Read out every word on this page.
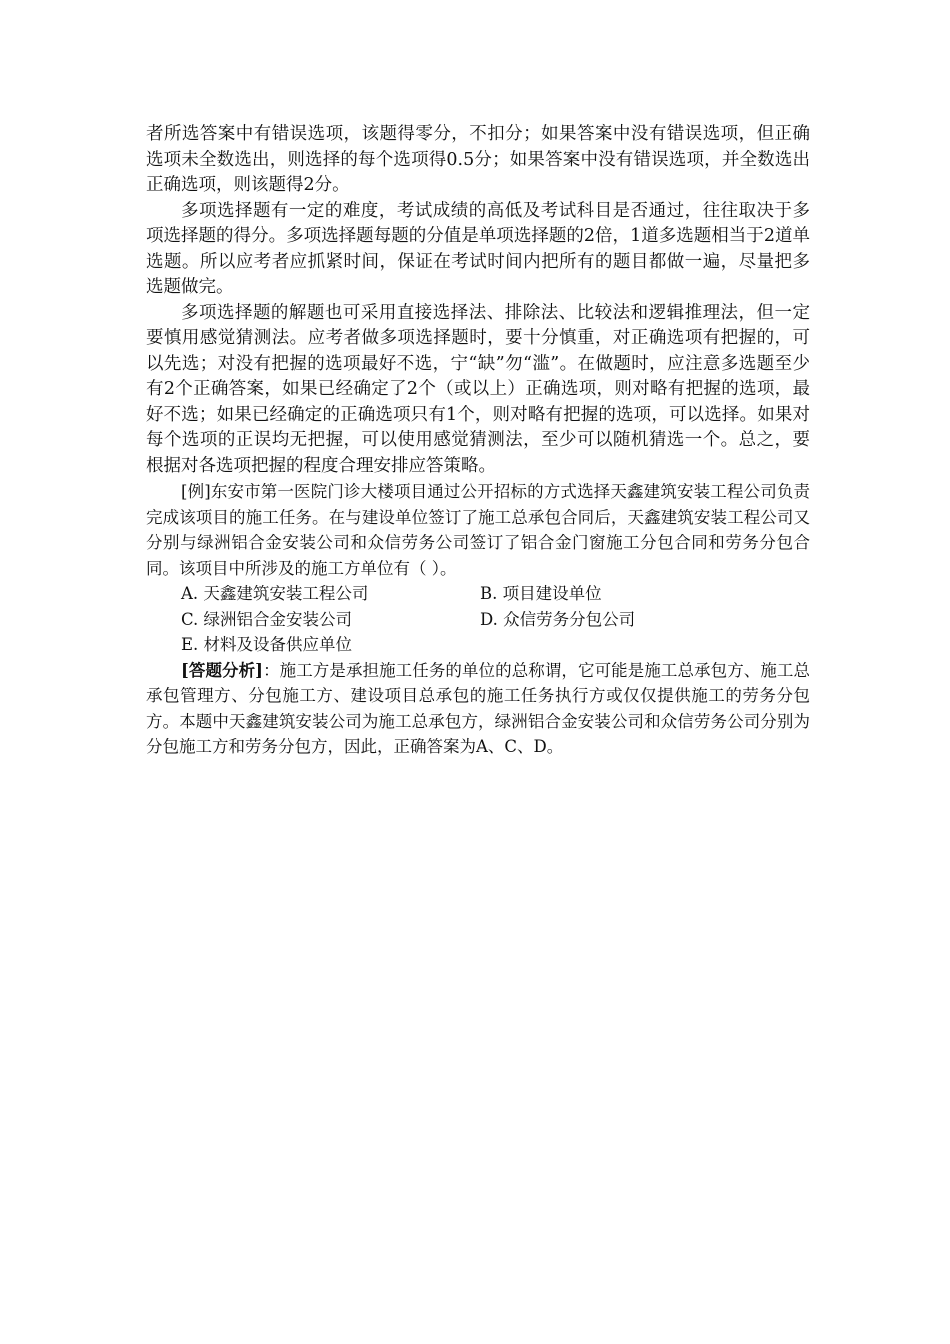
者所选答案中有错误选项，该题得零分，不扣分；如果答案中没有错误选项，但正确选项未全数选出，则选择的每个选项得0.5分；如果答案中没有错误选项，并全数选出正确选项，则该题得2分。

多项选择题有一定的难度，考试成绩的高低及考试科目是否通过，往往取决于多项选择题的得分。多项选择题每题的分值是单项选择题的2倍，1道多选题相当于2道单选题。所以应考者应抓紧时间，保证在考试时间内把所有的题目都做一遍，尽量把多选题做完。

多项选择题的解题也可采用直接选择法、排除法、比较法和逻辑推理法，但一定要慎用感觉猜测法。应考者做多项选择题时，要十分慎重，对正确选项有把握的，可以先选；对没有把握的选项最好不选，宁“缺”勿“滥”。在做题时，应注意多选题至少有2个正确答案，如果已经确定了2个（或以上）正确选项，则对略有把握的选项，最好不选；如果已经确定的正确选项只有1个，则对略有把握的选项，可以选择。如果对每个选项的正误均无把握，可以使用感觉猜测法，至少可以随机猜选一个。总之，要根据对各选项把握的程度合理安排应答策略。

[例]东安市第一医院门诊大楼项目通过公开招标的方式选择天鑫建筑安装工程公司负责完成该项目的施工任务。在与建设单位签订了施工总承包合同后，天鑫建筑安装工程公司又分别与绿洲铝合金安装公司和众信劳务公司签订了铝合金门窗施工分包合同和劳务分包合同。该项目中所涉及的施工方单位有（ ）。

A. 天鑫建筑安装工程公司	B. 项目建设单位
C. 绿洲铝合金安装公司	D. 众信劳务分包公司
E. 材料及设备供应单位

[答题分析]：施工方是承担施工任务的单位的总称谓，它可能是施工总承包方、施工总承包管理方、分包施工方、建设项目总承包的施工任务执行方或仅仅提供施工的劳务分包方。本题中天鑫建筑安装公司为施工总承包方，绿洲铝合金安装公司和众信劳务公司分别为分包施工方和劳务分包方，因此，正确答案为A、C、D。
